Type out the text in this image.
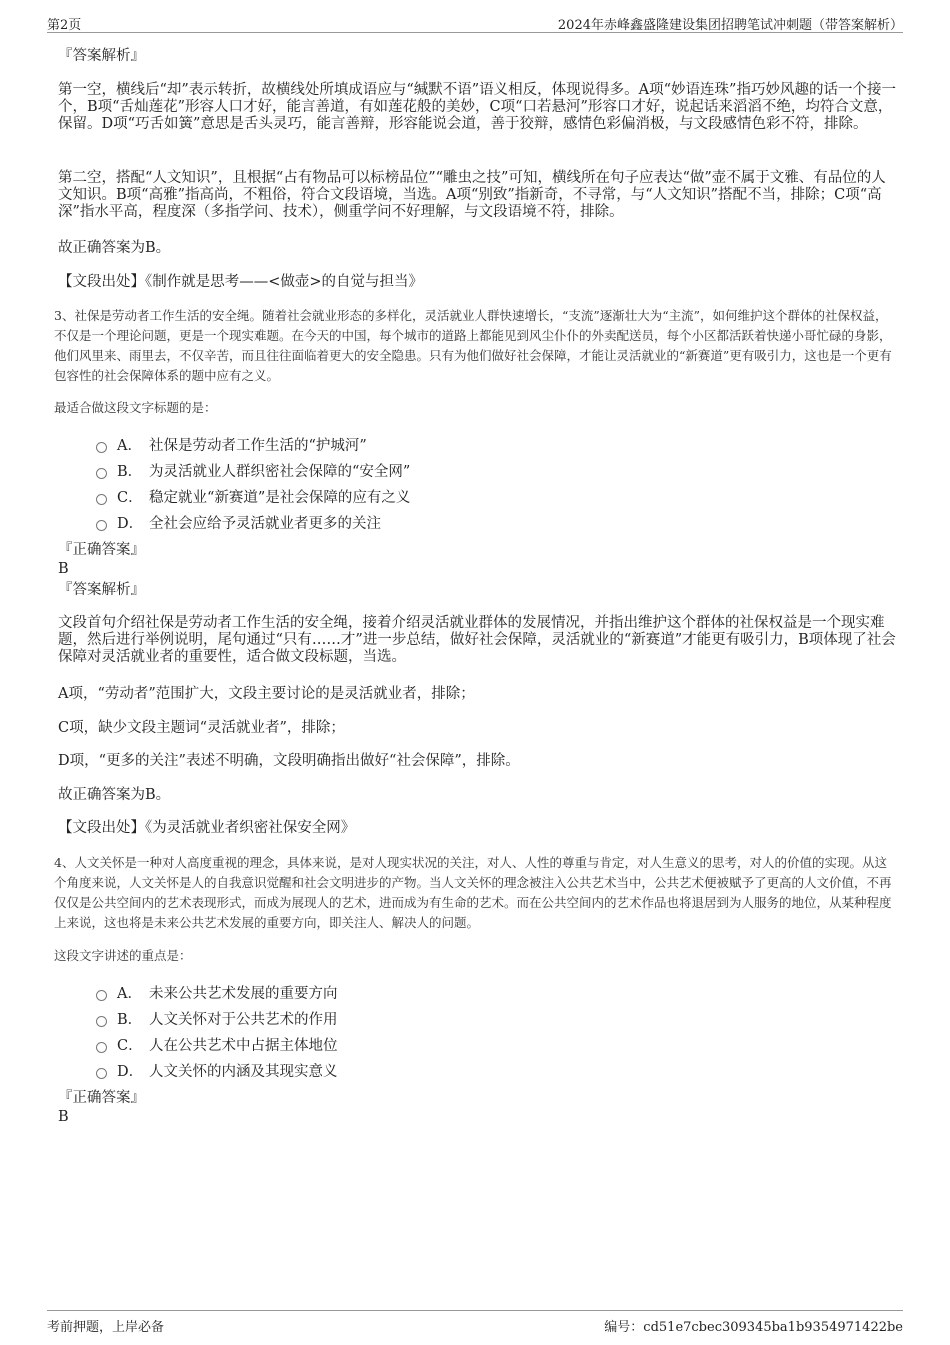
第2页	2024年赤峰鑫盛隆建设集团招聘笔试冲刺题（带答案解析）

『答案解析』

第一空，横线后“却”表示转折，故横线处所填成语应与“缄默不语”语义相反，体现说得多。A项“妙语连珠”指巧妙风趣的话一个接一个，B项“舌灿莲花”形容人口才好，能言善道，有如莲花般的美妙，C项“口若悬河”形容口才好，说起话来滔滔不绝，均符合文意，保留。D项“巧舌如簧”意思是舌头灵巧，能言善辩，形容能说会道，善于狡辩，感情色彩偏消极，与文段感情色彩不符，排除。

第二空，搭配“人文知识”，且根据“占有物品可以标榜品位”“雕虫之技”可知，横线所在句子应表达“做”壶不属于文雅、有品位的人文知识。B项“高雅”指高尚，不粗俗，符合文段语境，当选。A项“别致”指新奇，不寻常，与“人文知识”搭配不当，排除；C项“高深”指水平高，程度深（多指学问、技术），侧重学问不好理解，与文段语境不符，排除。

故正确答案为B。

【文段出处】《制作就是思考——<做壶>的自觉与担当》

3、社保是劳动者工作生活的安全绳。随着社会就业形态的多样化，灵活就业人群快速增长，“支流”逐渐壮大为“主流”，如何维护这个群体的社保权益，不仅是一个理论问题，更是一个现实难题。在今天的中国，每个城市的道路上都能见到风尘仆仆的外卖配送员，每个小区都活跃着快递小哥忙碌的身影，他们风里来、雨里去，不仅辛苦，而且往往面临着更大的安全隐患。只有为他们做好社会保障，才能让灵活就业的“新赛道”更有吸引力，这也是一个更有包容性的社会保障体系的题中应有之义。

最适合做这段文字标题的是：

A． 社保是劳动者工作生活的“护城河”
B． 为灵活就业人群织密社会保障的“安全网”
C． 稳定就业“新赛道”是社会保障的应有之义
D． 全社会应给予灵活就业者更多的关注

『正确答案』

B

『答案解析』

文段首句介绍社保是劳动者工作生活的安全绳，接着介绍灵活就业群体的发展情况，并指出维护这个群体的社保权益是一个现实难题，然后进行举例说明，尾句通过“只有……才”进一步总结，做好社会保障，灵活就业的“新赛道”才能更有吸引力，B项体现了社会保障对灵活就业者的重要性，适合做文段标题，当选。

A项，“劳动者”范围扩大，文段主要讨论的是灵活就业者，排除；

C项，缺少文段主题词“灵活就业者”，排除；

D项，“更多的关注”表述不明确，文段明确指出做好“社会保障”，排除。

故正确答案为B。

【文段出处】《为灵活就业者织密社保安全网》

4、人文关怀是一种对人高度重视的理念，具体来说，是对人现实状况的关注，对人、人性的尊重与肯定，对人生意义的思考，对人的价值的实现。从这个角度来说，人文关怀是人的自我意识觉醒和社会文明进步的产物。当人文关怀的理念被注入公共艺术当中，公共艺术便被赋予了更高的人文价值，不再仅仅是公共空间内的艺术表现形式，而成为展现人的艺术，进而成为有生命的艺术。而在公共空间内的艺术作品也将退居到为人服务的地位，从某种程度上来说，这也将是未来公共艺术发展的重要方向，即关注人、解决人的问题。

这段文字讲述的重点是：

A． 未来公共艺术发展的重要方向
B． 人文关怀对于公共艺术的作用
C． 人在公共艺术中占据主体地位
D． 人文关怀的内涵及其现实意义

『正确答案』

B

考前押题，上岸必备	编号：cd51e7cbec309345ba1b9354971422be
